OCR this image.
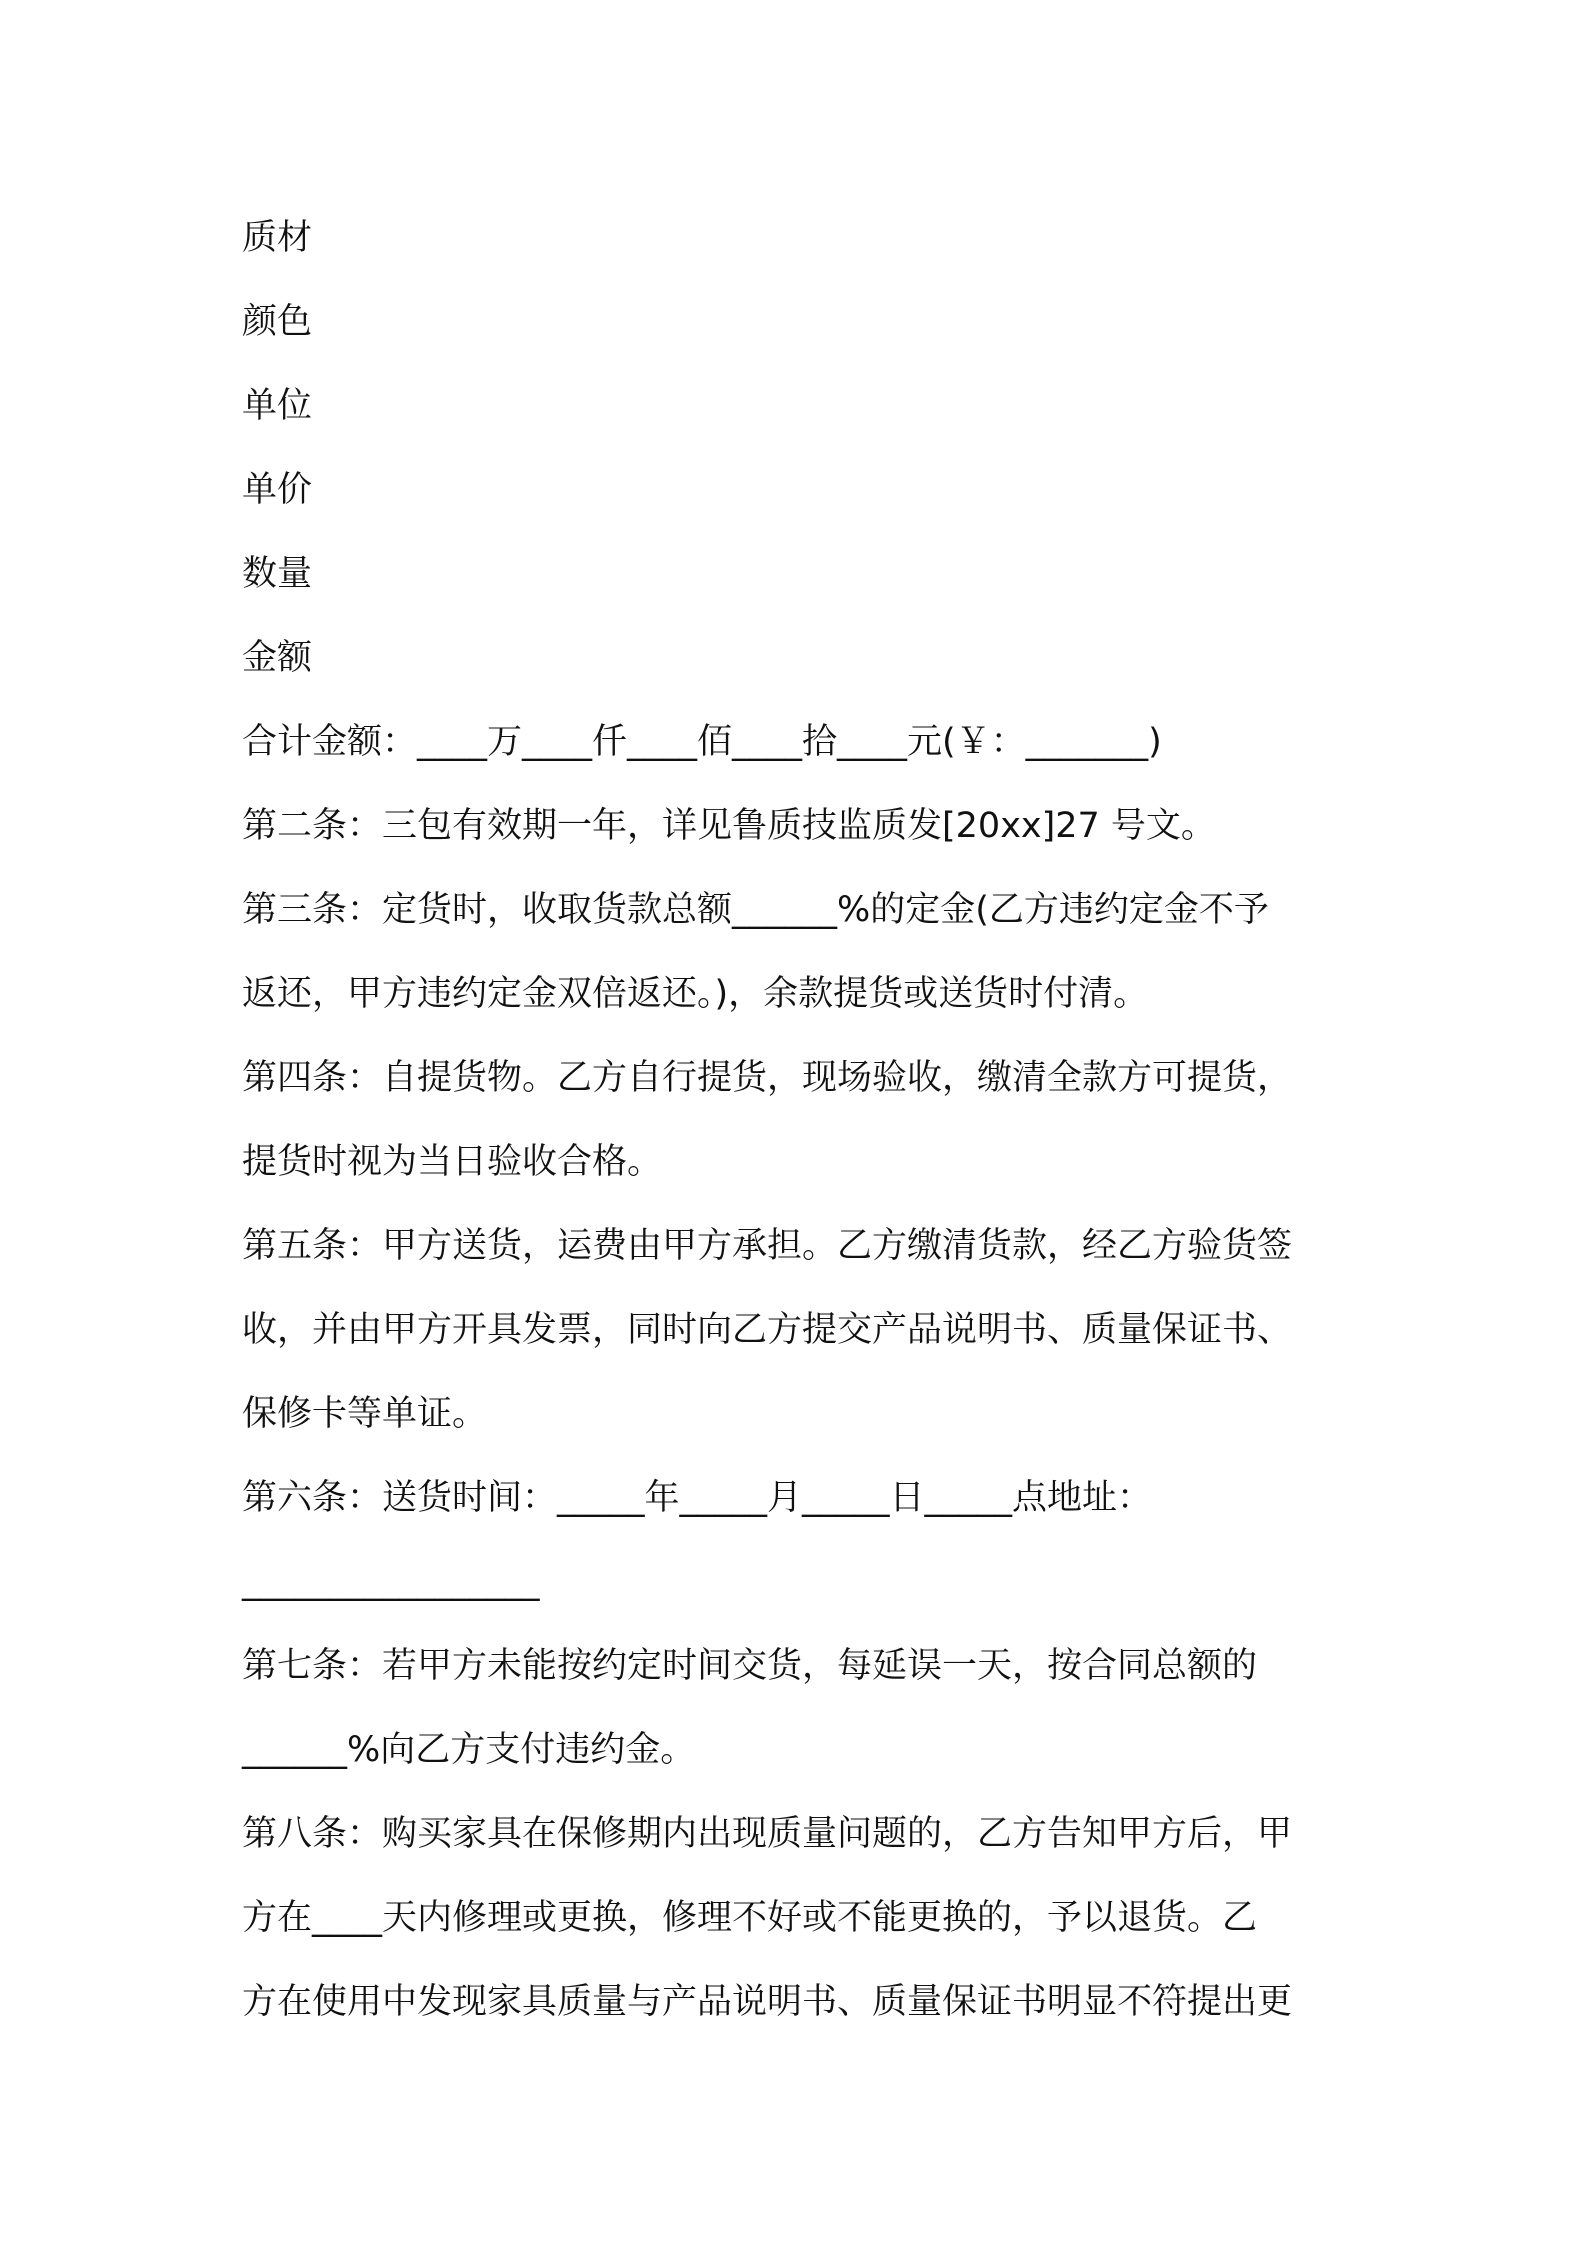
质材
颜色
单位
单价
数量
金额
合计金额：____万____仟____佰____拾____元(￥：_______)
第二条：三包有效期一年，详见鲁质技监质发[20xx]27 号文。
第三条：定货时，收取货款总额______%的定金(乙方违约定金不予
返还，甲方违约定金双倍返还。)，余款提货或送货时付清。
第四条：自提货物。乙方自行提货，现场验收，缴清全款方可提货，
提货时视为当日验收合格。
第五条：甲方送货，运费由甲方承担。乙方缴清货款，经乙方验货签
收，并由甲方开具发票，同时向乙方提交产品说明书、质量保证书、
保修卡等单证。
第六条：送货时间：_____年_____月_____日_____点地址：
_________________
第七条：若甲方未能按约定时间交货，每延误一天，按合同总额的
______%向乙方支付违约金。
第八条：购买家具在保修期内出现质量问题的，乙方告知甲方后，甲
方在____天内修理或更换，修理不好或不能更换的，予以退货。乙
方在使用中发现家具质量与产品说明书、质量保证书明显不符提出更
